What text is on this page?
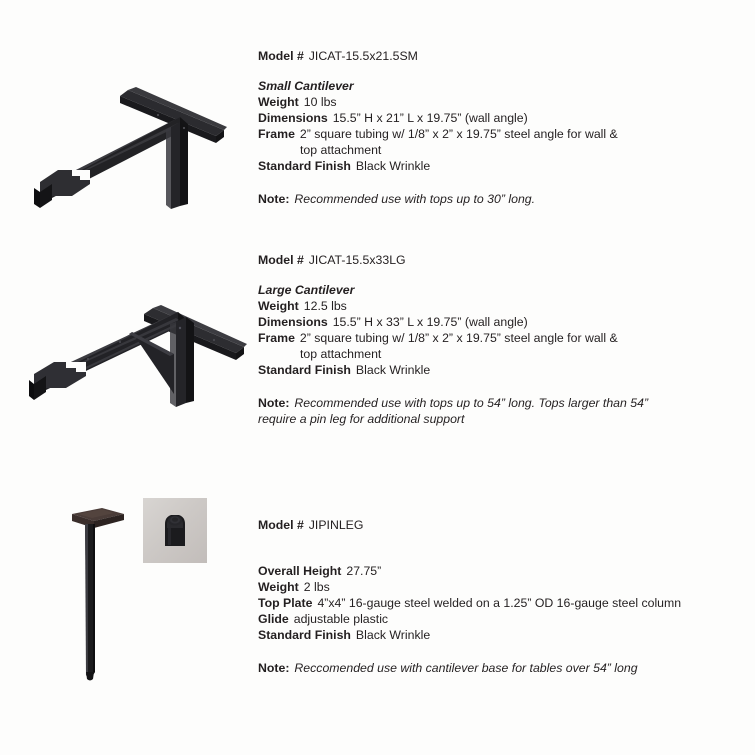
Model # JICAT-15.5x21.5SM
Small Cantilever
Weight 10 lbs
Dimensions 15.5” H x 21” L x 19.75” (wall angle)
Frame 2” square tubing w/ 1/8” x 2” x 19.75” steel angle for wall &
top attachment
Standard Finish Black Wrinkle
Note: Recommended use with tops up to 30” long.
Model # JICAT-15.5x33LG
Large Cantilever
Weight 12.5 lbs
Dimensions 15.5” H x 33” L x 19.75” (wall angle)
Frame 2” square tubing w/ 1/8” x 2” x 19.75” steel angle for wall &
top attachment
Standard Finish Black Wrinkle
Note: Recommended use with tops up to 54” long. Tops larger than 54”
require a pin leg for additional support
Model # JIPINLEG
Overall Height 27.75”
Weight 2 lbs
Top Plate 4”x4” 16-gauge steel welded on a 1.25” OD 16-gauge steel column
Glide adjustable plastic
Standard Finish Black Wrinkle
Note: Reccomended use with cantilever base for tables over 54” long
